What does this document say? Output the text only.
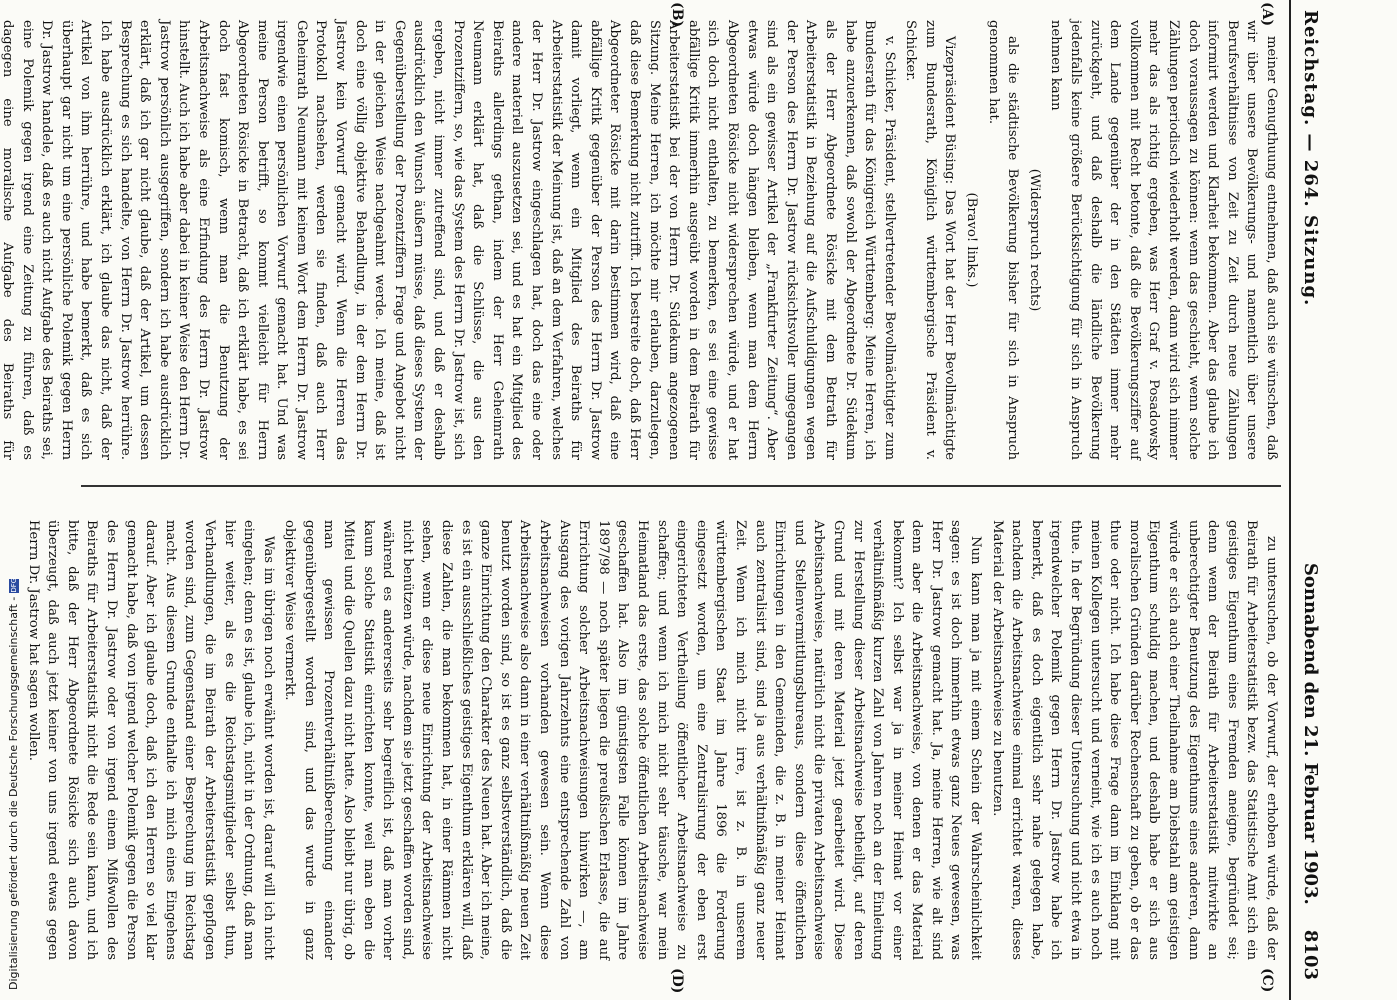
Digitalisierung gefördert durch die Deutsche Forschungsgemeinschaft -DFG
Reichstag. — 264. Sitzung.
Sonnabend den 21. Februar 1903.    8103
(A)
(B)
(C)
(D)

meiner Genugthuung entnehmen, daß auch sie wünschen, daß wir über unsere Bevölkerungs- und namentlich über unsere Berufsverhältnisse von Zeit zu Zeit durch neue Zählungen informirt werden und Klarheit bekommen. Aber das glaube ich doch voraussagen zu können: wenn das geschieht, wenn solche Zählungen periodisch wiederholt werden, dann wird sich nimmer mehr das als richtig ergeben, was Herr Graf v. Posadowsky vollkommen mit Recht betonte, daß die Bevölkerungsziffer auf dem Lande gegenüber der in den Städten immer mehr zurückgeht, und daß deshalb die ländliche Bevölkerung jedenfalls keine größere Berücksichtigung für sich in Anspruch nehmen kann

(Widerspruch rechts)

als die städtische Bevölkerung bisher für sich in Anspruch genommen hat.

(Bravo! links.)

Vizepräsident Büsing: Das Wort hat der Herr Bevollmächtigte zum Bundesrath, Königlich württembergische Präsident v. Schicker.

v. Schicker, Präsident, stellvertretender Bevollmächtigter zum Bundesrath für das Königreich Württemberg: Meine Herren, ich habe anzuerkennen, daß sowohl der Abgeordnete Dr. Südekum als der Herr Abgeordnete Rösicke mit dem Betrath für Arbeiterstatistik in Beziehung auf die Aufschuldigungen wegen der Person des Herrn Dr. Jastrow rücksichtsvoller umgegangen sind als ein gewisser Artikel der „Frankfurter Zeitung“. Aber etwas würde doch hängen bleiben, wenn man dem Herrn Abgeordneten Rösicke nicht widersprechen würde, und er hat sich doch nicht enthalten, zu bemerken, es sei eine gewisse abfällige Kritik immerhin ausgeübt worden in dem Beirath für Arbeiterstatistik bei der von Herrn Dr. Südekum angezogenen Sitzung. Meine Herren, ich möchte mir erlauben, darzulegen, daß diese Bemerkung nicht zutrifft. Ich bestreite doch, daß Herr Abgeordneter Rösicke mit darin bestimmen wird, daß eine abfällige Kritik gegenüber der Person des Herrn Dr. Jastrow damit vorliegt, wenn ein Mitglied des Beiraths für Arbeiterstatistik der Meinung ist, daß an dem Verfahren, welches der Herr Dr. Jastrow eingeschlagen hat, doch das eine oder andere materiell auszusetzen sei, und es hat ein Mitglied des Beiraths allerdings gethan, indem der Herr Geheimrath Neumann erklärt hat, daß die Schlüsse, die aus den Prozentziffern, so, wie das System des Herrn Dr. Jastrow ist, sich ergeben, nicht immer zutreffend sind, und daß er deshalb ausdrücklich den Wunsch äußern müsse, daß dieses System der Gegenüberstellung der Prozentziffern Frage und Angebot nicht in der gleichen Weise nachgeahmt werde. Ich meine, daß ist doch eine völlig objektive Behandlung, in der dem Herrn Dr. Jastrow kein Vorwurf gemacht wird. Wenn die Herren das Protokoll nachsehen, werden sie finden, daß auch Herr Geheimrath Neumann mit keinem Wort dem Herrn Dr. Jastrow irgendwie einen persönlichen Vorwurf gemacht hat. Und was meine Person betrifft, so kommt vielleicht für Herrn Abgeordneten Rösicke in Betracht, daß ich erklärt habe, es sei doch fast komisch, wenn man die Benutzung der Arbeitsnachweise als eine Erfindung des Herrn Dr. Jastrow hinstellt. Auch ich habe aber dabei in keiner Weise den Herrn Dr. Jastrow persönlich ausgegriffen, sondern ich habe ausdrücklich erklärt, daß ich gar nicht glaube, daß der Artikel, um dessen Besprechung es sich handelte, von Herrn Dr. Jastrow herrühre. Ich habe ausdrücklich erklärt, ich glaube das nicht, daß der Artikel von ihm herrühre, und habe bemerkt, daß es sich überhaupt gar nicht um eine persönliche Polemik gegen Herrn Dr. Jastrow handele, daß es auch nicht Aufgabe des Beiraths sei, eine Polemik gegen irgend eine Zeitung zu führen, daß es dagegen eine moralische Aufgabe des Beiraths für

zu untersuchen, ob der Vorwurf, der erhoben würde, daß der Beirath für Arbeiterstatistik bezw. das Statistische Amt sich ein geistiges Eigenthum eines Fremden aneigne, begründet sei; denn wenn der Beirath für Arbeiterstatistik mitwirkte an unberechtigter Benutzung des Eigenthums eines anderen, dann würde er sich auch einer Theilnahme am Diebstahl am geistigen Eigenthum schuldig machen, und deshalb habe er sich aus moralischen Gründen darüber Rechenschaft zu geben, ob er das thue oder nicht. Ich habe diese Frage dann im Einklang mit meinen Kollegen untersucht und verneint, wie ich es auch noch thue. In der Begründung dieser Untersuchung und nicht etwa in irgendwelcher Polemik gegen Herrn Dr. Jastrow habe ich bemerkt, daß es doch eigentlich sehr nahe gelegen habe, nachdem die Arbeitsnachweise einmal errichtet waren, dieses Material der Arbeitsnachweise zu benutzen.

Nun kann man ja mit einem Schein der Wahrscheinlichkeit sagen: es ist doch immerhin etwas ganz Neues gewesen, was Herr Dr. Jastrow gemacht hat. Ja, meine Herren, wie alt sind denn aber die Arbeitsnachweise, von denen er das Material bekommt? Ich selbst war ja in meiner Heimat vor einer verhältnißmäßig kurzen Zahl von Jahren noch an der Einleitung zur Herstellung dieser Arbeitsnachweise betheiligt, auf deren Grund und mit deren Material jetzt gearbeitet wird. Diese Arbeitsnachweise, natürlich nicht die privaten Arbeitsnachweise und Stellenvermittlungsbureaus, sondern diese öffentlichen Einrichtungen in den Gemeinden, die z. B. in meiner Heimat auch zentralisirt sind, sind ja aus verhältnißmäßig ganz neuer Zeit. Wenn ich mich nicht irre, ist z. B. in unserem württembergischen Staat im Jahre 1896 die Forderung eingesetzt worden, um eine Zentralisirung der eben erst eingerichteten Vertheilung öffentlicher Arbeitsnachweise zu schaffen; und wenn ich mich nicht sehr täusche, war mein Heimatland das erste, das solche öffentlichen Arbeitsnachweise geschaffen hat. Also im günstigsten Falle können im Jahre 1897/98 — noch später liegen die preußischen Erlasse, die auf Errichtung solcher Arbeitsnachweisungen hinwirken —, am Ausgang des vorigen Jahrzehnts eine entsprechende Zahl von Arbeitsnachweisen vorhanden gewesen sein. Wenn diese Arbeitsnachweise also dann in einer verhältnißmäßig neuen Zeit benutzt worden sind, so ist es ganz selbstverständlich, daß die ganze Einrichtung den Charakter des Neuen hat. Aber ich meine, es ist ein ausschließliches geistiges Eigenthum erklären will, daß diese Zahlen, die man bekommen hat, in einer Rämmen nicht sehen, wenn er diese neue Einrichtung der Arbeitsnachweise nicht benützen würde, nachdem sie jetzt geschaffen worden sind, während es andererseits sehr begreiflich ist, daß man vorher kaum solche Statistik einrichten konnte, weil man eben die Mittel und die Quellen dazu nicht hatte. Also bleibt nur übrig, ob man gewissen Prozentverhältnißberechnung einander gegenübergestellt worden sind, und das wurde in ganz objektiver Weise vermerkt.

Was im übrigen noch erwähnt worden ist, darauf will ich nicht eingehen; denn es ist, glaube ich, nicht in der Ordnung, daß man hier weiter, als es die Reichstagsmitglieder selbst thun, Verhandlungen, die im Beirath der Arbeiterstatistik gepflogen worden sind, zum Gegenstand einer Besprechung im Reichstag macht. Aus diesem Grunde enthalte ich mich eines Eingehens darauf. Aber ich glaube doch, daß ich den Herren so viel klar gemacht habe, daß von irgend welcher Polemik gegen die Person des Herrn Dr. Jastrow oder von irgend einem Mißwollen des Beiraths für Arbeiterstatistik nicht die Rede sein kann, und ich bitte, daß der Herr Abgeordnete Rösicke sich auch davon überzeugt, daß auch jetzt keiner von uns irgend etwas gegen Herrn Dr. Jastrow hat sagen wollen.
